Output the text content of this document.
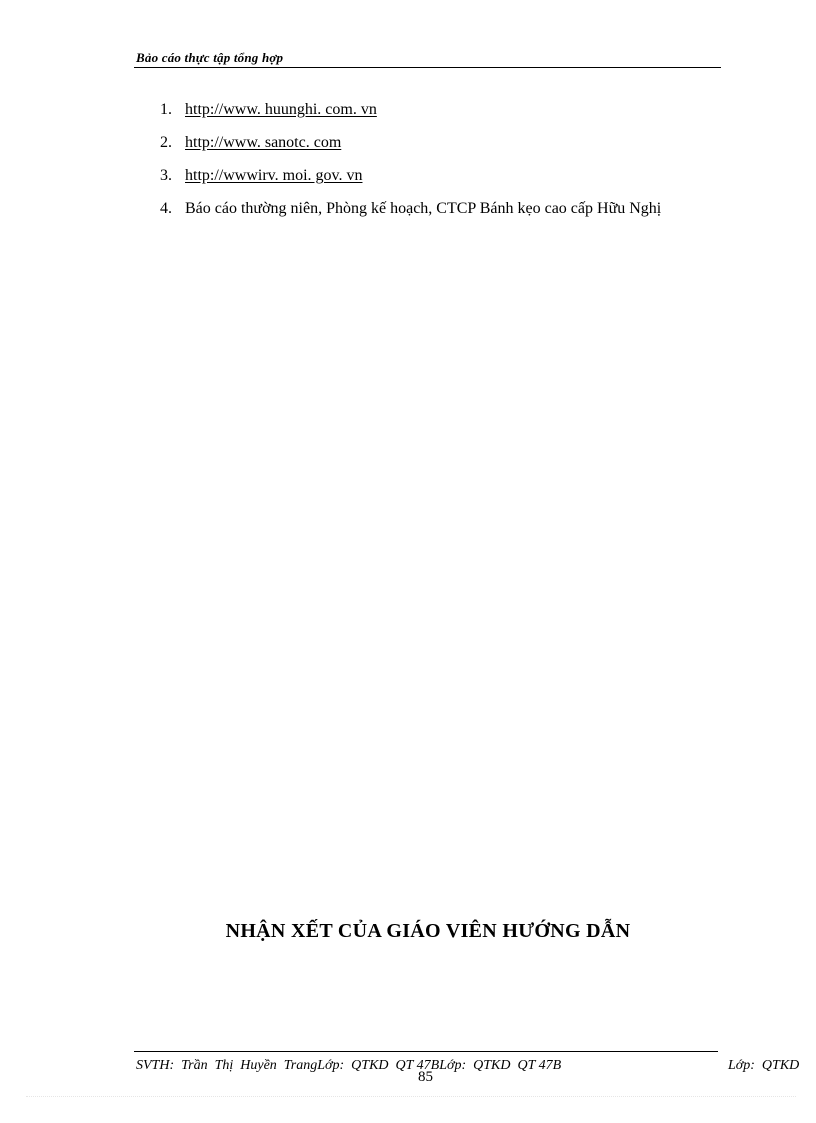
Bảo cáo thực tập tổng hợp
1. http://www. huunghi. com. vn
2. http://www. sanotc. com
3. http://wwwirv. moi. gov. vn
4. Báo cáo thường niên, Phòng kế hoạch, CTCP Bánh kẹo cao cấp Hữu Nghị
NHẬN XẾT CỦA GIÁO VIÊN HƯỚNG DẪN
SVTH:  Trần  Thị  Huyền  TrangLớp:  QTKD  QT 47BLớp:  QTKD  QT 47B	Lớp:  QTKD
85
